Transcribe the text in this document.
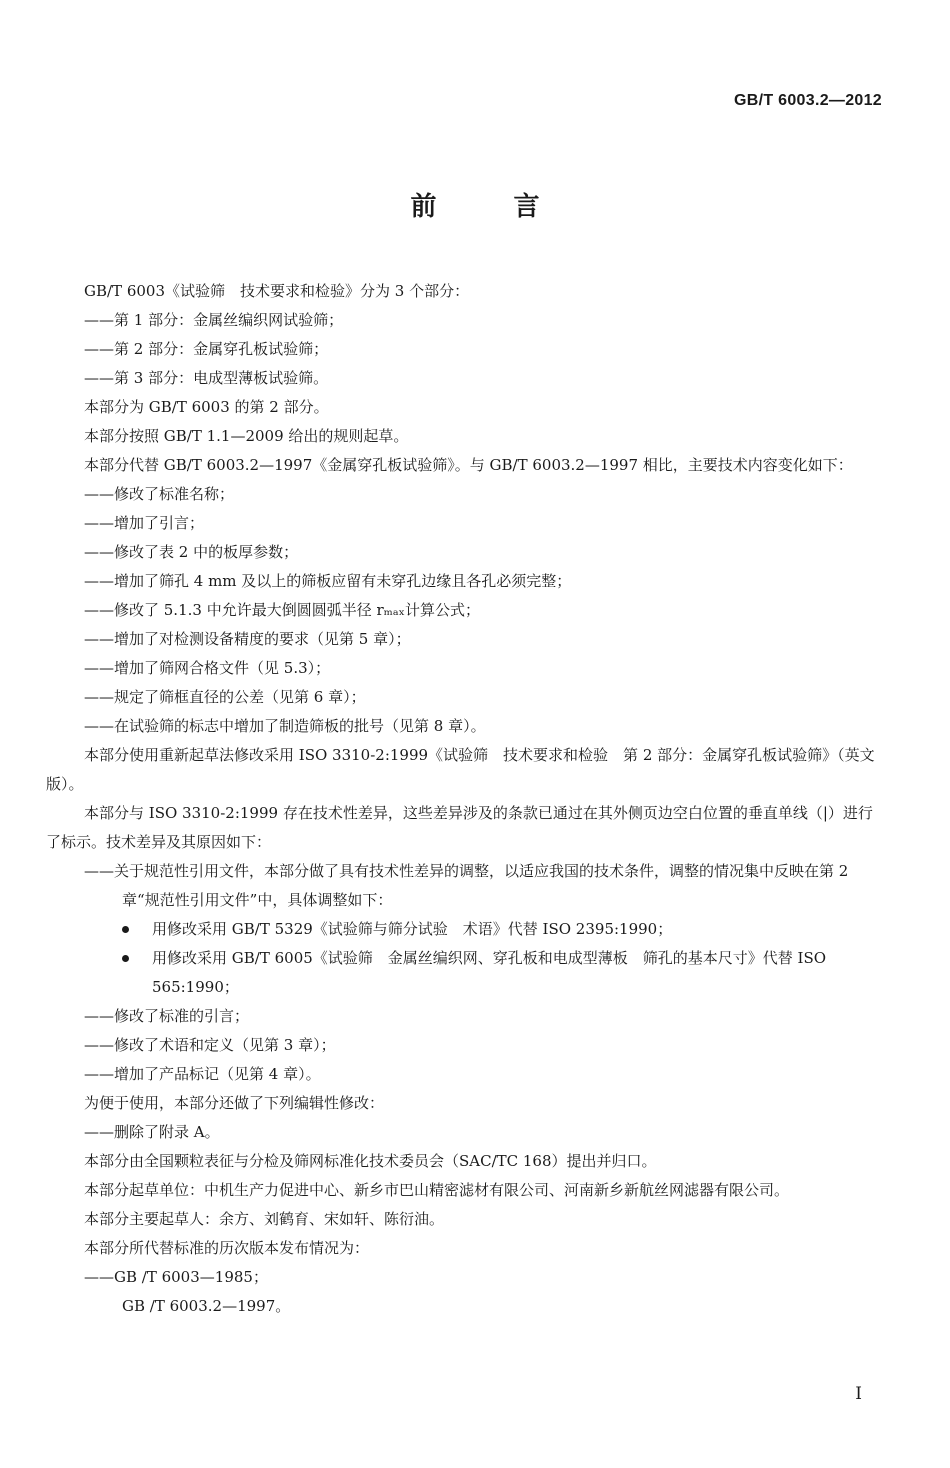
GB/T 6003.2—2012
前 言

GB/T 6003《试验筛　技术要求和检验》分为 3 个部分：

——第 1 部分：金属丝编织网试验筛；

——第 2 部分：金属穿孔板试验筛；

——第 3 部分：电成型薄板试验筛。

本部分为 GB/T 6003 的第 2 部分。

本部分按照 GB/T 1.1—2009 给出的规则起草。

本部分代替 GB/T 6003.2—1997《金属穿孔板试验筛》。与 GB/T 6003.2—1997 相比，主要技术内容变化如下：

——修改了标准名称；

——增加了引言；

——修改了表 2 中的板厚参数；

——增加了筛孔 4 mm 及以上的筛板应留有未穿孔边缘且各孔必须完整；

——修改了 5.1.3 中允许最大倒圆圆弧半径 rₘₐₓ计算公式；

——增加了对检测设备精度的要求（见第 5 章）；

——增加了筛网合格文件（见 5.3）；

——规定了筛框直径的公差（见第 6 章）；

——在试验筛的标志中增加了制造筛板的批号（见第 8 章）。

本部分使用重新起草法修改采用 ISO 3310-2:1999《试验筛　技术要求和检验　第 2 部分：金属穿孔板试验筛》（英文版）。

本部分与 ISO 3310-2:1999 存在技术性差异，这些差异涉及的条款已通过在其外侧页边空白位置的垂直单线（|）进行了标示。技术差异及其原因如下：

——关于规范性引用文件，本部分做了具有技术性差异的调整，以适应我国的技术条件，调整的情况集中反映在第 2 章“规范性引用文件”中，具体调整如下：

用修改采用 GB/T 5329《试验筛与筛分试验　术语》代替 ISO 2395:1990；

用修改采用 GB/T 6005《试验筛　金属丝编织网、穿孔板和电成型薄板　筛孔的基本尺寸》代替 ISO 565:1990；

——修改了标准的引言；

——修改了术语和定义（见第 3 章）；

——增加了产品标记（见第 4 章）。

为便于使用，本部分还做了下列编辑性修改：

——删除了附录 A。

本部分由全国颗粒表征与分检及筛网标准化技术委员会（SAC/TC 168）提出并归口。

本部分起草单位：中机生产力促进中心、新乡市巴山精密滤材有限公司、河南新乡新航丝网滤器有限公司。

本部分主要起草人：余方、刘鹤育、宋如轩、陈衍油。

本部分所代替标准的历次版本发布情况为：

——GB /T 6003—1985；

GB /T 6003.2—1997。

I
